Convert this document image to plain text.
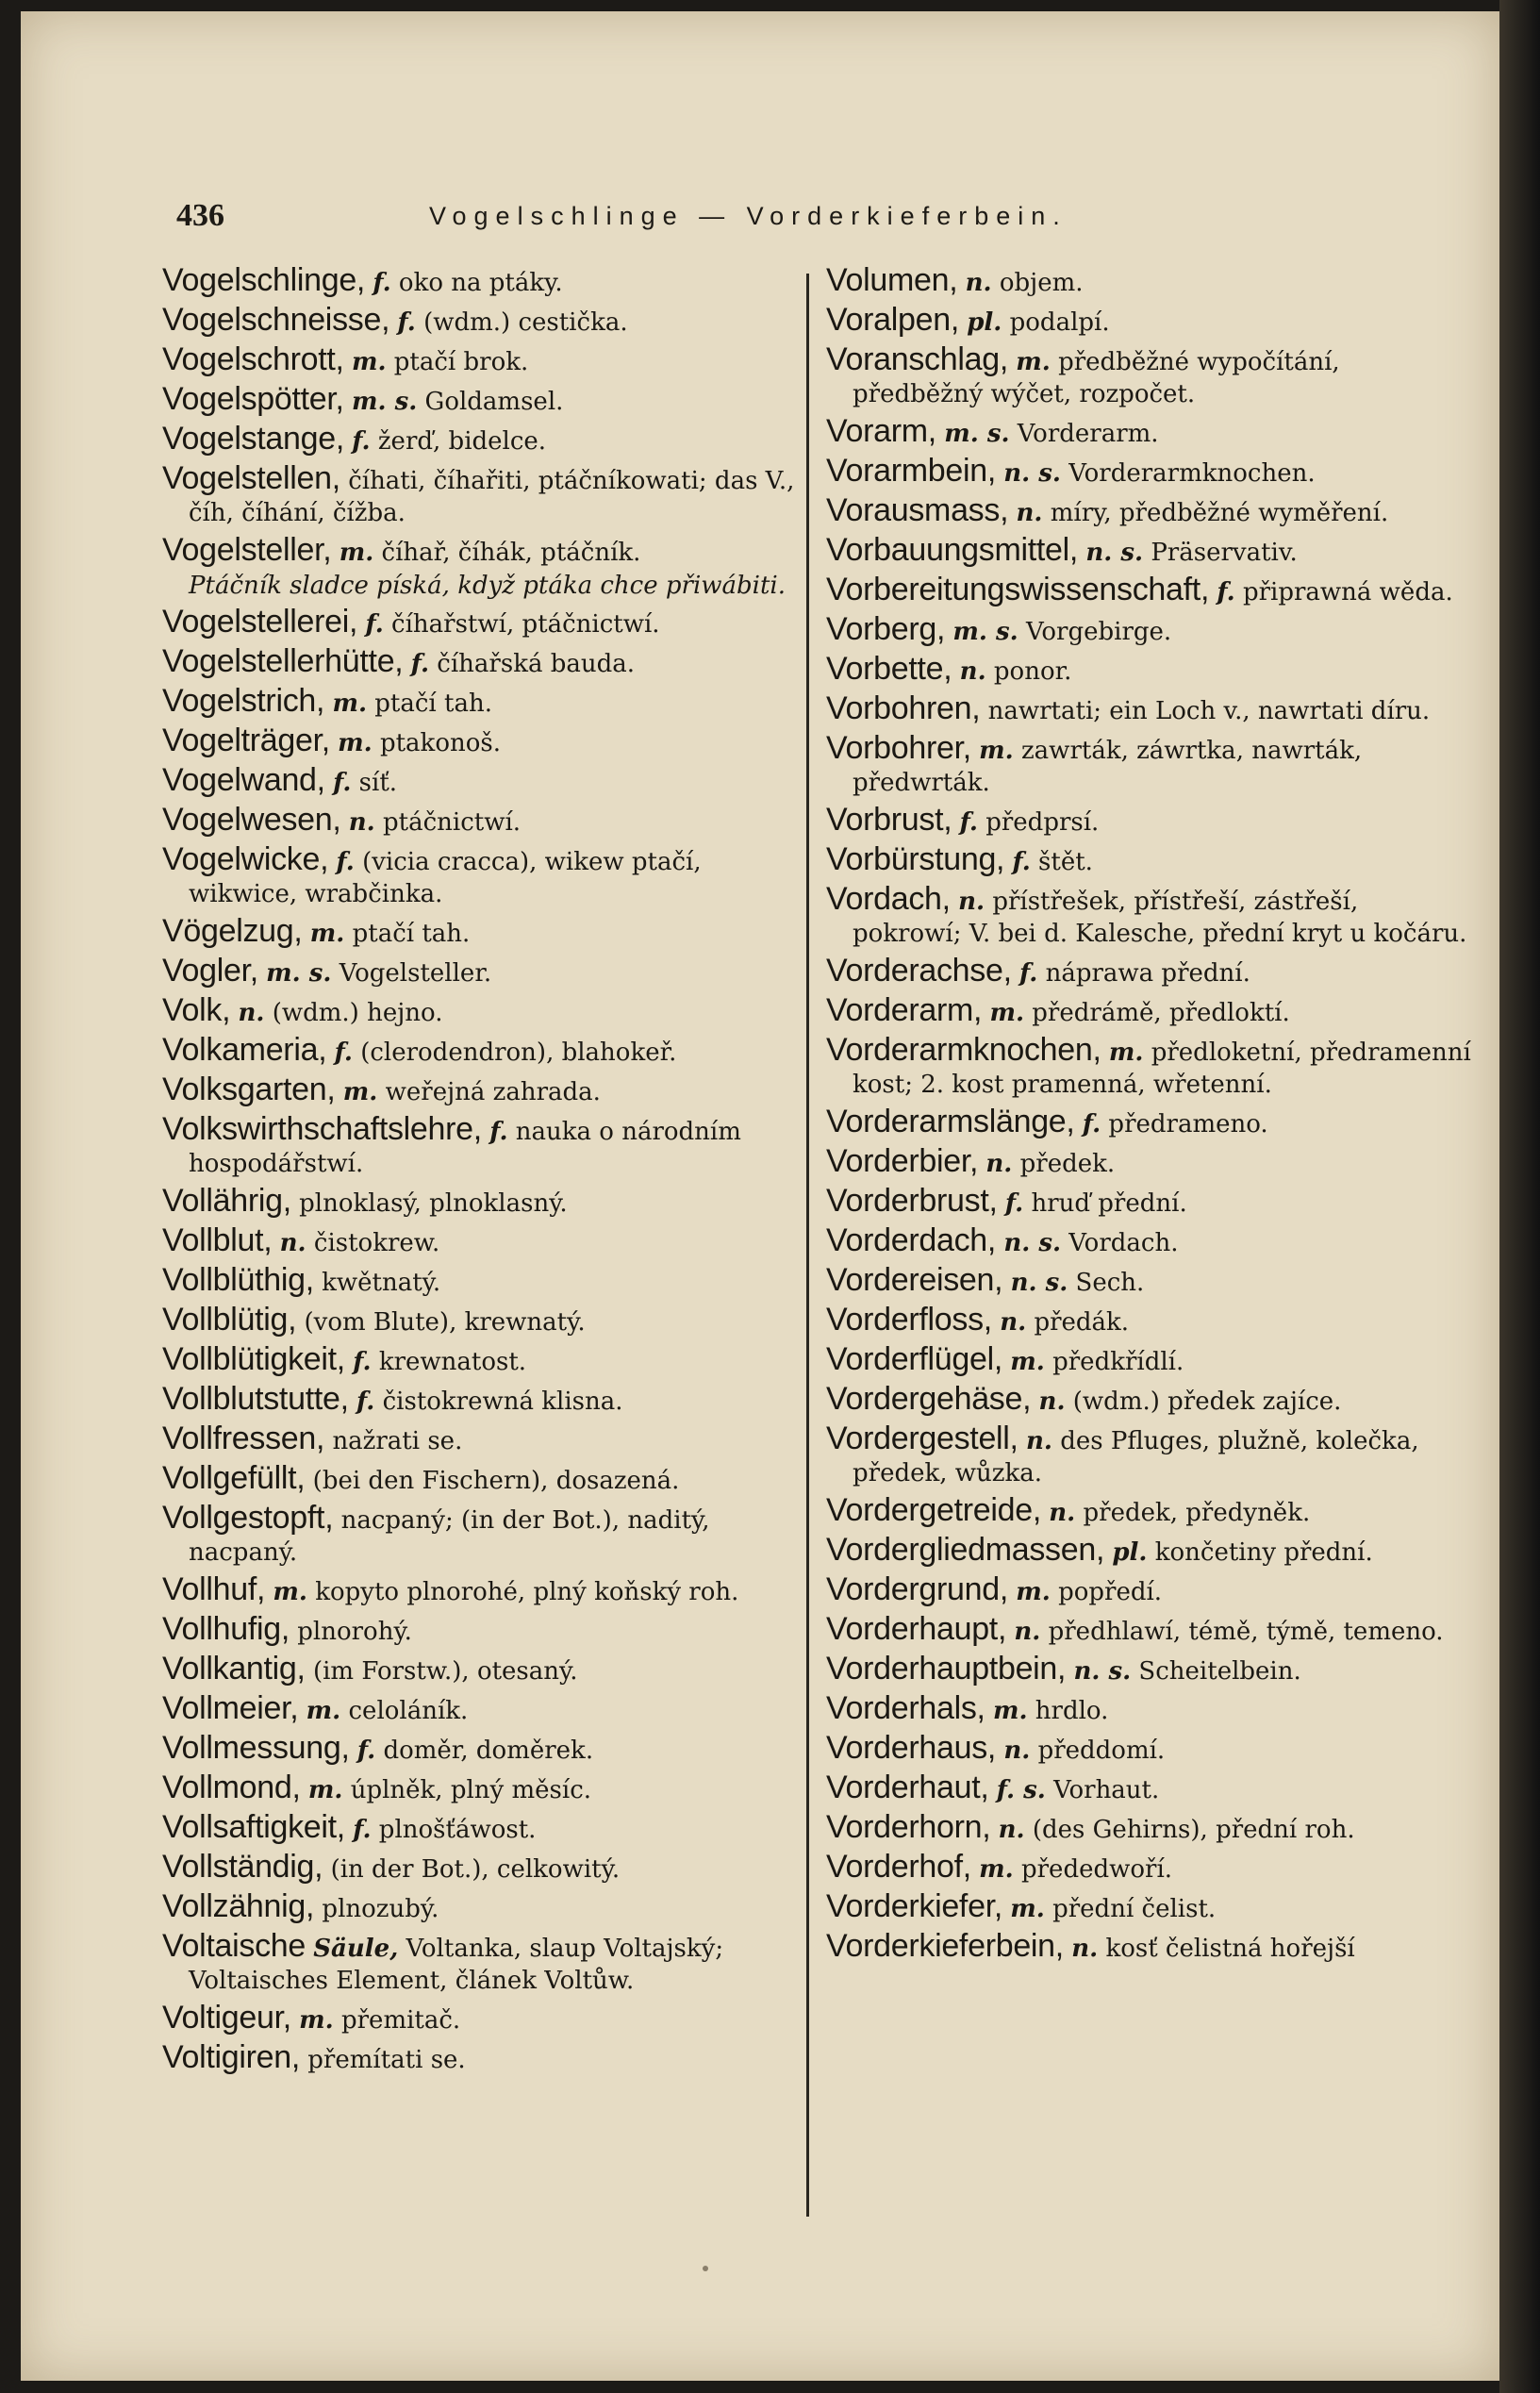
436	Vogelschlinge — Vorderkieferbein.
Vogelschlinge, f. oko na ptáky.
Vogelschneisse, f. (wdm.) cestička.
Vogelschrott, m. ptačí brok.
Vogelspötter, m. s. Goldamsel.
Vogelstange, f. žerď, bidelce.
Vogelstellen, číhati, číhařiti, ptáčníkowati; das V., číh, číhání, čížba.
Vogelsteller, m. číhař, číhák, ptáčník.
Ptáčník sladce píská, když ptáka chce přiwábiti.
Vogelstellerei, f. číhařstwí, ptáčnictwí.
Vogelstellerhütte, f. číhařská bauda.
Vogelstrich, m. ptačí tah.
Vogelträger, m. ptakonoš.
Vogelwand, f. síť.
Vogelwesen, n. ptáčnictwí.
Vogelwicke, f. (vicia cracca), wikew ptačí, wikwice, wrabčinka.
Vögelzug, m. ptačí tah.
Vogler, m. s. Vogelsteller.
Volk, n. (wdm.) hejno.
Volkameria, f. (clerodendron), blahokeř.
Volksgarten, m. weřejná zahrada.
Volkswirthschaftslehre, f. nauka o národním hospodářstwí.
Vollährig, plnoklasý, plnoklasný.
Vollblut, n. čistokrew.
Vollblüthig, kwětnatý.
Vollblütig, (vom Blute), krewnatý.
Vollblütigkeit, f. krewnatost.
Vollblutstutte, f. čistokrewná klisna.
Vollfressen, nažrati se.
Vollgefüllt, (bei den Fischern), dosazená.
Vollgestopft, nacpaný; (in der Bot.), naditý, nacpaný.
Vollhuf, m. kopyto plnorohé, plný koňský roh.
Vollhufig, plnorohý.
Vollkantig, (im Forstw.), otesaný.
Vollmeier, m. celoláník.
Vollmessung, f. doměr, doměrek.
Vollmond, m. úplněk, plný měsíc.
Vollsaftigkeit, f. plnošťáwost.
Vollständig, (in der Bot.), celkowitý.
Vollzähnig, plnozubý.
Voltaische Säule, Voltanka, slaup Voltajský; Voltaisches Element, článek Voltůw.
Voltigeur, m. přemitač.
Voltigiren, přemítati se.
Volumen, n. objem.
Voralpen, pl. podalpí.
Voranschlag, m. předběžné wypočítání, předběžný wýčet, rozpočet.
Vorarm, m. s. Vorderarm.
Vorarmbein, n. s. Vorderarmknochen.
Vorausmass, n. míry, předběžné wyměření.
Vorbauungsmittel, n. s. Präservativ.
Vorbereitungswissenschaft, f. připrawná wěda.
Vorberg, m. s. Vorgebirge.
Vorbette, n. ponor.
Vorbohren, nawrtati; ein Loch v., nawrtati díru.
Vorbohrer, m. zawrták, záwrtka, nawrták, předwrták.
Vorbrust, f. předprsí.
Vorbürstung, f. štět.
Vordach, n. přístřešek, přístřeší, zástřeší, pokrowí; V. bei d. Kalesche, přední kryt u kočáru.
Vorderachse, f. náprawa přední.
Vorderarm, m. předrámě, předloktí.
Vorderarmknochen, m. předloketní, předramenní kost; 2. kost pramenná, wřetenní.
Vorderarmslänge, f. předrameno.
Vorderbier, n. předek.
Vorderbrust, f. hruď přední.
Vorderdach, n. s. Vordach.
Vordereisen, n. s. Sech.
Vorderfloss, n. předák.
Vorderflügel, m. předkřídlí.
Vordergehäse, n. (wdm.) předek zajíce.
Vordergestell, n. des Pfluges, plužně, kolečka, předek, wůzka.
Vordergetreide, n. předek, předyněk.
Vordergliedmassen, pl. končetiny přední.
Vordergrund, m. popředí.
Vorderhaupt, n. předhlawí, témě, týmě, temeno.
Vorderhauptbein, n. s. Scheitelbein.
Vorderhals, m. hrdlo.
Vorderhaus, n. předdomí.
Vorderhaut, f. s. Vorhaut.
Vorderhorn, n. (des Gehirns), přední roh.
Vorderhof, m. přededwoří.
Vorderkiefer, m. přední čelist.
Vorderkieferbein, n. kosť čelistná hořejší
